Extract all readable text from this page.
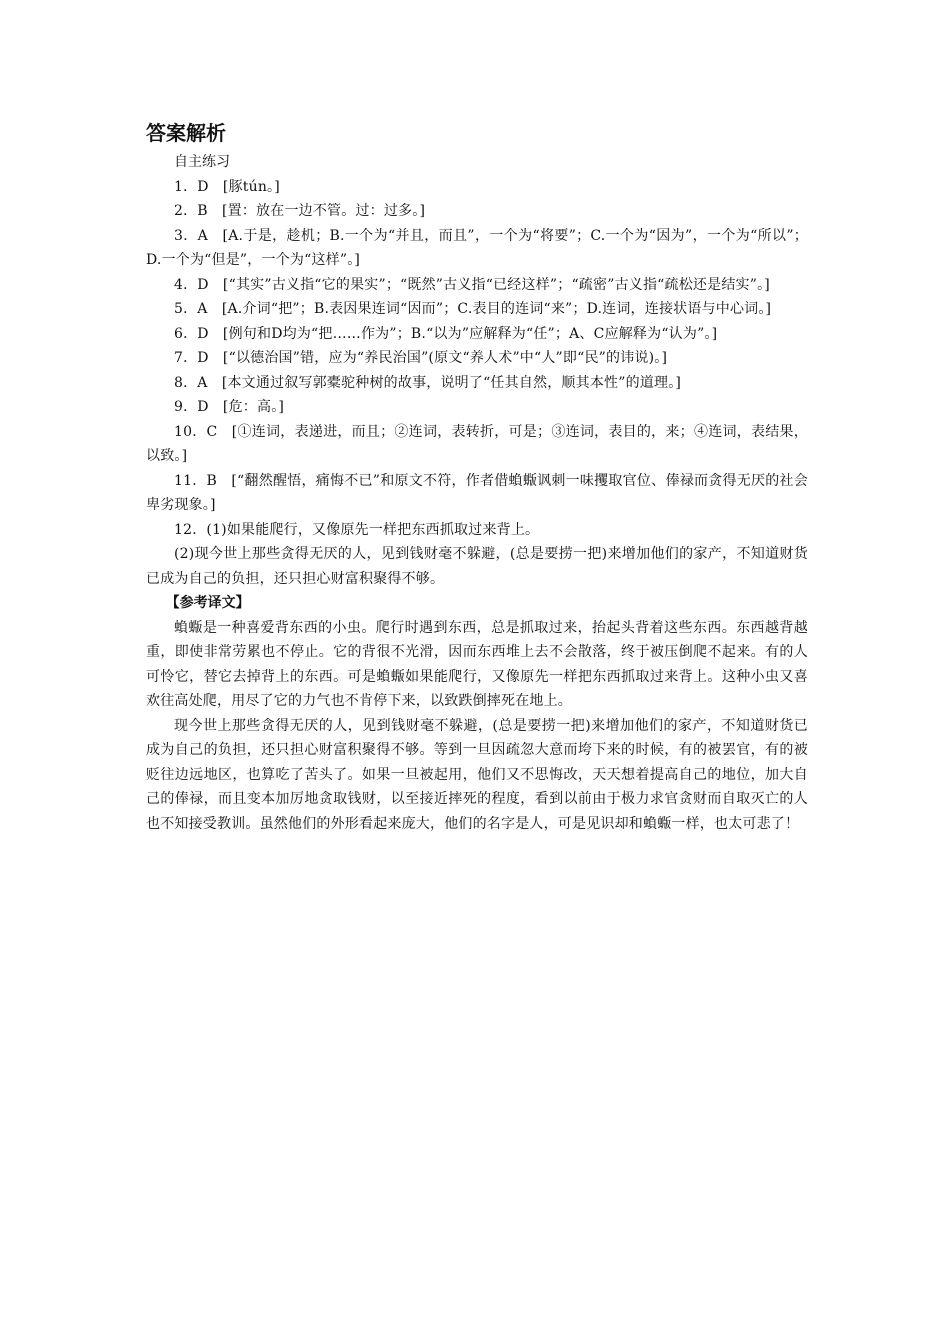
答案解析
自主练习

1．D　[豚tún。]

2．B　[置：放在一边不管。过：过多。]

3．A　[A.于是，趁机；B.一个为“并且，而且”，一个为“将要”；C.一个为“因为”，一个为“所以”；D.一个为“但是”，一个为“这样”。]

4．D　[“其实”古义指“它的果实”；“既然”古义指“已经这样”；“疏密”古义指“疏松还是结实”。]

5．A　[A.介词“把”；B.表因果连词“因而”；C.表目的连词“来”；D.连词，连接状语与中心词。]

6．D　[例句和D均为“把……作为”；B.“以为”应解释为“任”；A、C应解释为“认为”。]

7．D　[“以德治国”错，应为“养民治国”(原文“养人术”中“人”即“民”的讳说)。]

8．A　[本文通过叙写郭橐驼种树的故事，说明了“任其自然，顺其本性”的道理。]

9．D　[危：高。]

10．C　[①连词，表递进，而且；②连词，表转折，可是；③连词，表目的，来；④连词，表结果，以致。]

11．B　[“翻然醒悟，痛悔不已”和原文不符，作者借蝜蝂讽刺一味攫取官位、俸禄而贪得无厌的社会卑劣现象。]

12．(1)如果能爬行，又像原先一样把东西抓取过来背上。

(2)现今世上那些贪得无厌的人，见到钱财毫不躲避，(总是要捞一把)来增加他们的家产，不知道财货已成为自己的负担，还只担心财富积聚得不够。

【参考译文】

蝜蝂是一种喜爱背东西的小虫。爬行时遇到东西，总是抓取过来，抬起头背着这些东西。东西越背越重，即使非常劳累也不停止。它的背很不光滑，因而东西堆上去不会散落，终于被压倒爬不起来。有的人可怜它，替它去掉背上的东西。可是蝜蝂如果能爬行，又像原先一样把东西抓取过来背上。这种小虫又喜欢往高处爬，用尽了它的力气也不肯停下来，以致跌倒摔死在地上。

现今世上那些贪得无厌的人，见到钱财毫不躲避，(总是要捞一把)来增加他们的家产，不知道财货已成为自己的负担，还只担心财富积聚得不够。等到一旦因疏忽大意而垮下来的时候，有的被罢官，有的被贬往边远地区，也算吃了苦头了。如果一旦被起用，他们又不思悔改，天天想着提高自己的地位，加大自己的俸禄，而且变本加厉地贪取钱财，以至接近摔死的程度，看到以前由于极力求官贪财而自取灭亡的人也不知接受教训。虽然他们的外形看起来庞大，他们的名字是人，可是见识却和蝜蝂一样，也太可悲了！
